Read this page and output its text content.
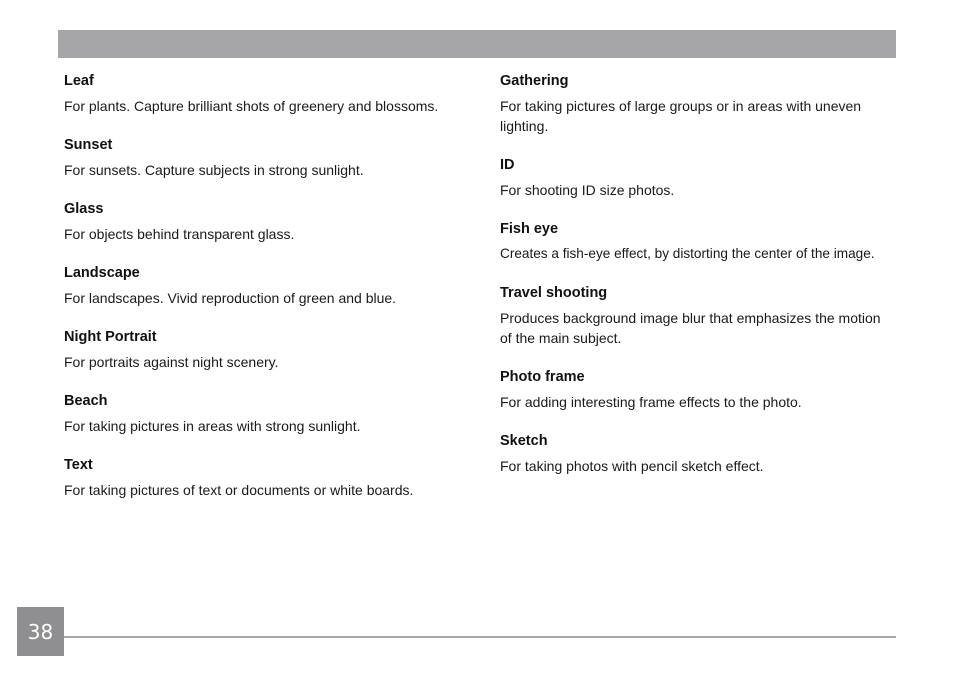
Leaf

For plants. Capture brilliant shots of greenery and blossoms.

Sunset

For sunsets. Capture subjects in strong sunlight.

Glass

For objects behind transparent glass.

Landscape

For landscapes. Vivid reproduction of green and blue.

Night Portrait

For portraits against night scenery.

Beach

For taking pictures in areas with strong sunlight.

Text

For taking pictures of text or documents or white boards.

Gathering

For taking pictures of large groups or in areas with uneven lighting.

ID

For shooting ID size photos.

Fish eye

Creates a fish-eye effect, by distorting the center of the image.

Travel shooting

Produces background image blur that emphasizes the motion of the main subject.

Photo frame

For adding interesting frame effects to the photo.

Sketch

For taking photos with pencil sketch effect.

38
